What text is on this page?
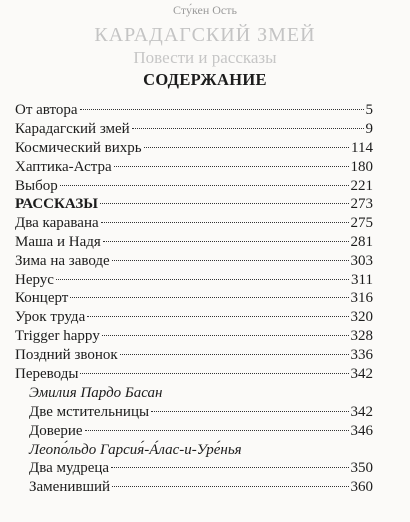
Сту́кен Ость
КАРАДАГСКИЙ ЗМЕЙ
Повести и рассказы
СОДЕРЖАНИЕ
От автора	5
Карадагский змей	9
Космический вихрь	114
Хаптика-Астра	180
Выбор	221
РАССКАЗЫ	273
Два каравана	275
Маша и Надя	281
Зима на заводе	303
Нерус	311
Концерт	316
Урок труда	320
Trigger happy	328
Поздний звонок	336
Переводы	342
Эмилия Пардо Басан
Две мстительницы	342
Доверие	346
Леопо́льдо Гарсия́-А́лас-и-Уре́нья
Два мудреца	350
Заменивший	360
